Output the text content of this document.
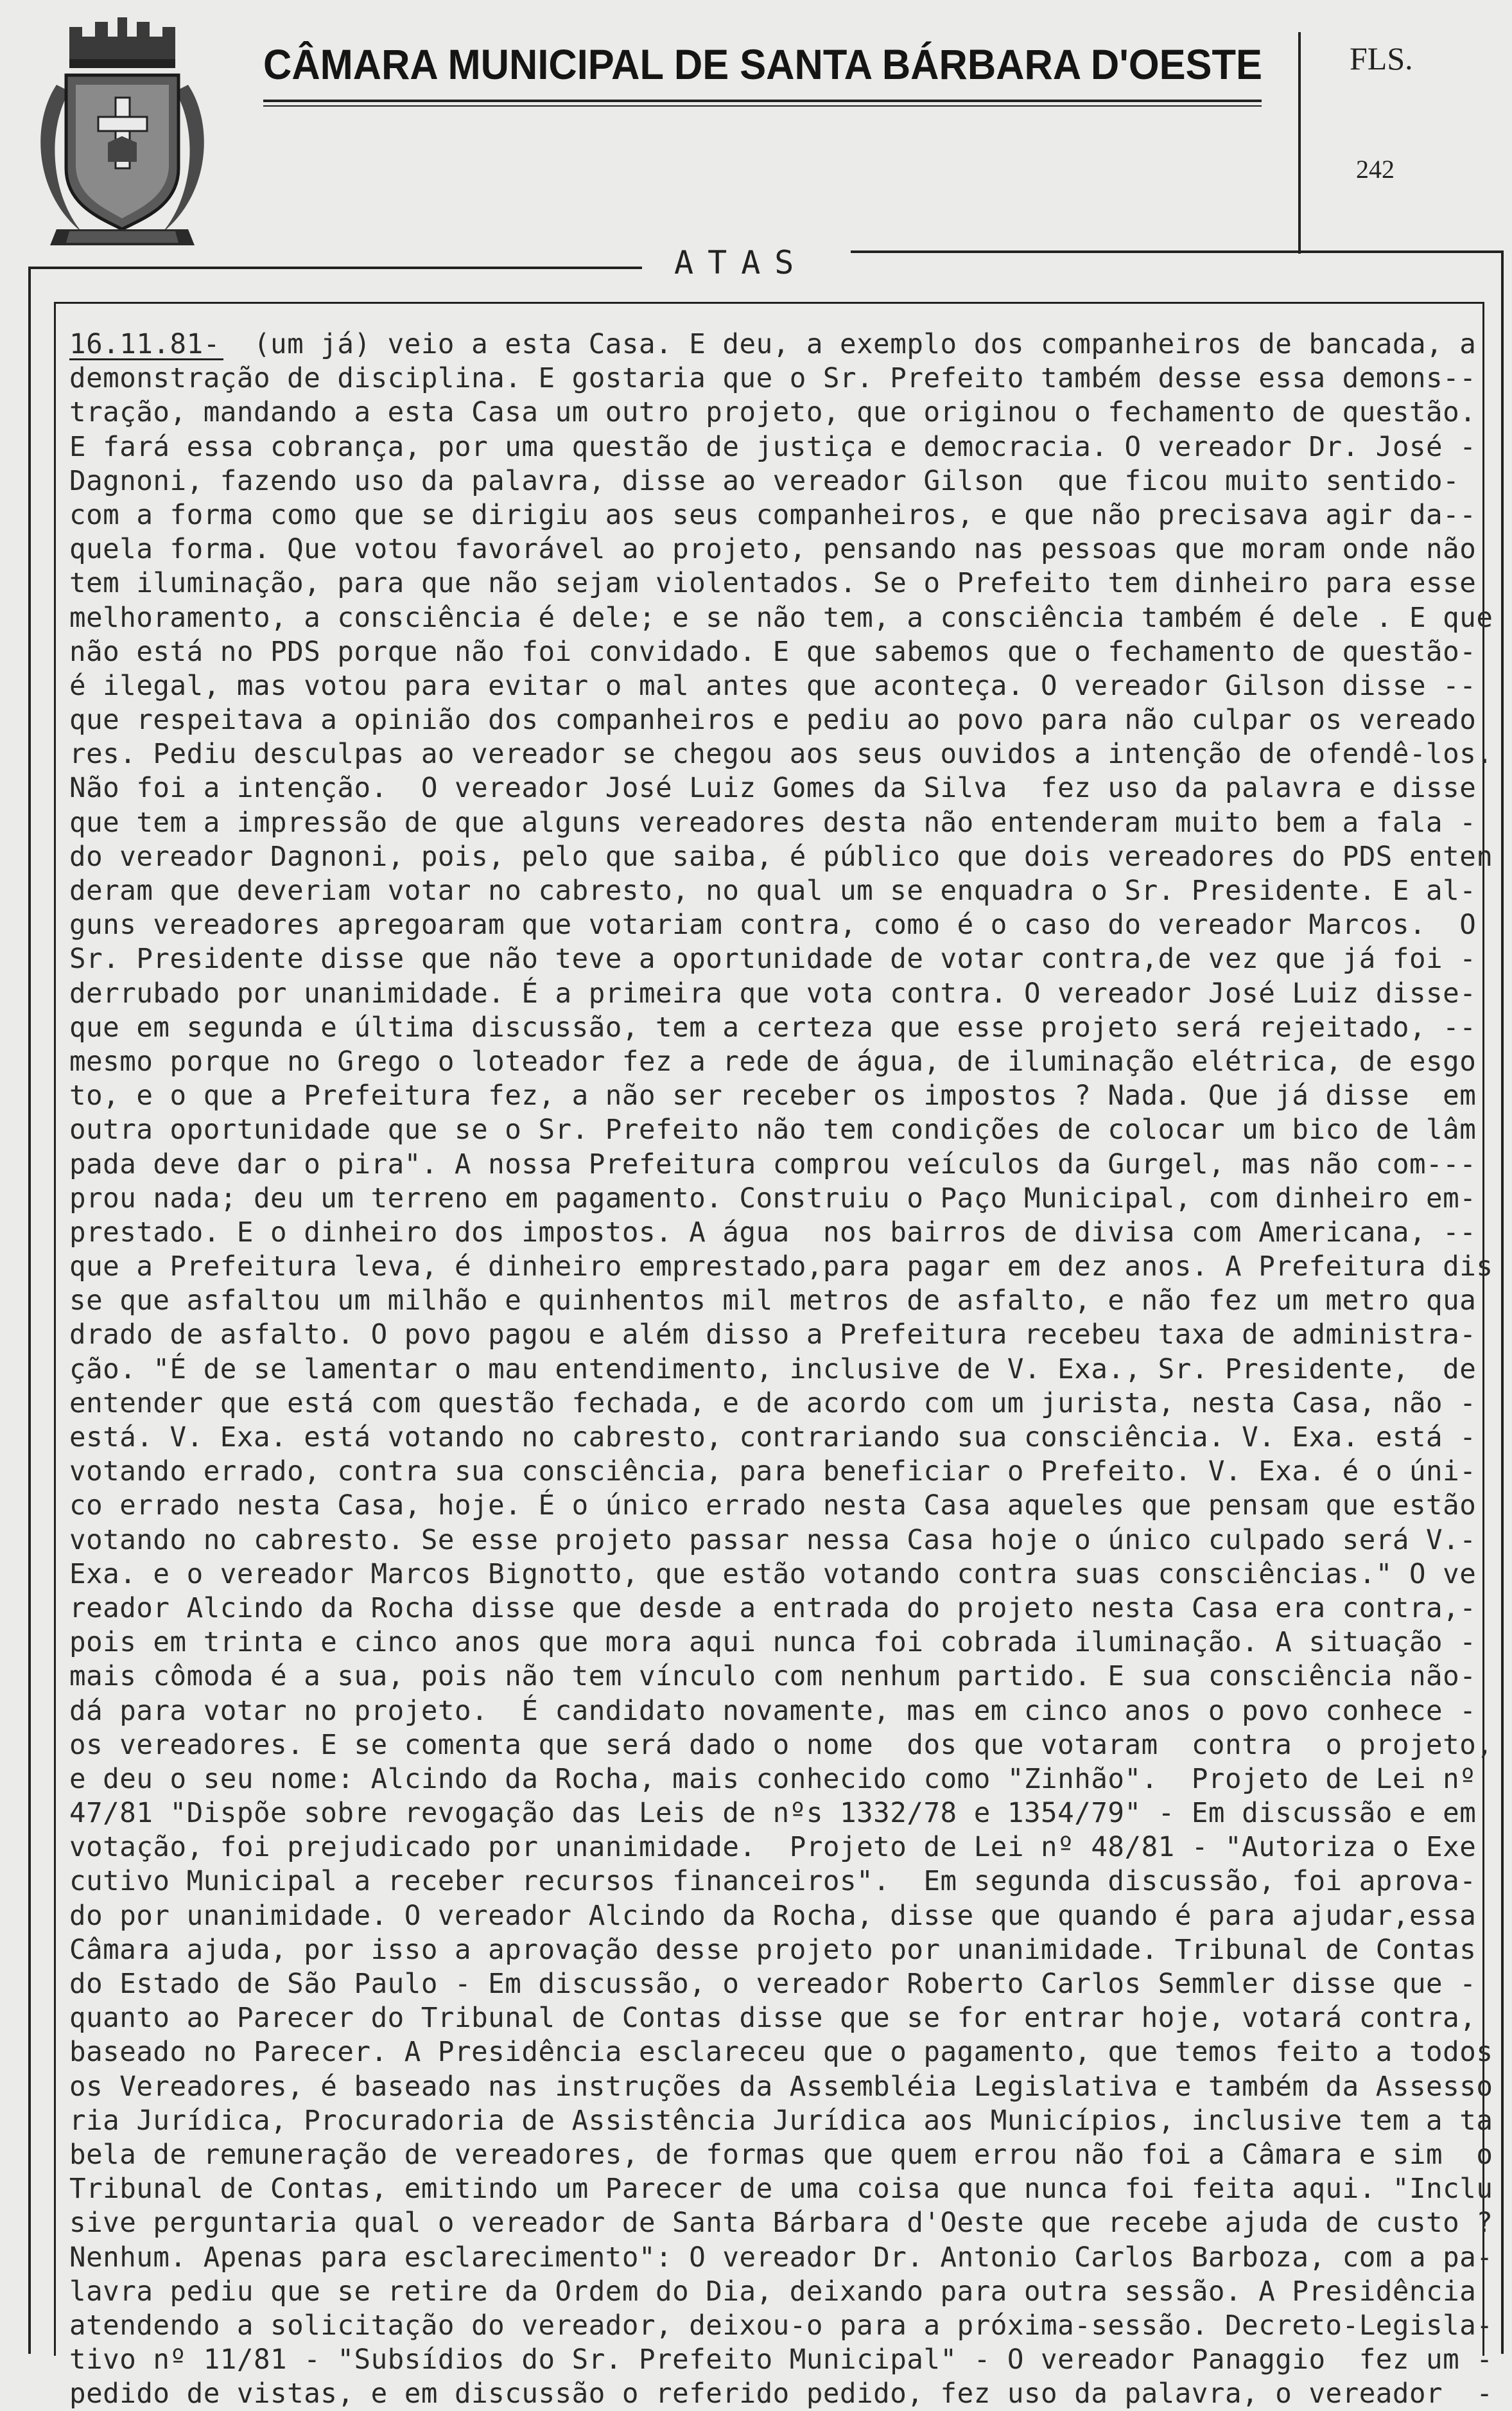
CÂMARA MUNICIPAL DE SANTA BÁRBARA D'OESTE	FLS.
242
ATAS
16.11.81-  (um já) veio a esta Casa. E deu, a exemplo dos companheiros de bancada, a
demonstração de disciplina. E gostaria que o Sr. Prefeito também desse essa demons--
tração, mandando a esta Casa um outro projeto, que originou o fechamento de questão.
E fará essa cobrança, por uma questão de justiça e democracia. O vereador Dr. José -
Dagnoni, fazendo uso da palavra, disse ao vereador Gilson  que ficou muito sentido-
com a forma como que se dirigiu aos seus companheiros, e que não precisava agir da--
quela forma. Que votou favorável ao projeto, pensando nas pessoas que moram onde não
tem iluminação, para que não sejam violentados. Se o Prefeito tem dinheiro para esse
melhoramento, a consciência é dele; e se não tem, a consciência também é dele . E que
não está no PDS porque não foi convidado. E que sabemos que o fechamento de questão-
é ilegal, mas votou para evitar o mal antes que aconteça. O vereador Gilson disse --
que respeitava a opinião dos companheiros e pediu ao povo para não culpar os vereado
res. Pediu desculpas ao vereador se chegou aos seus ouvidos a intenção de ofendê-los.
Não foi a intenção.  O vereador José Luiz Gomes da Silva  fez uso da palavra e disse
que tem a impressão de que alguns vereadores desta não entenderam muito bem a fala -
do vereador Dagnoni, pois, pelo que saiba, é público que dois vereadores do PDS enten
deram que deveriam votar no cabresto, no qual um se enquadra o Sr. Presidente. E al-
guns vereadores apregoaram que votariam contra, como é o caso do vereador Marcos.  O
Sr. Presidente disse que não teve a oportunidade de votar contra,de vez que já foi -
derrubado por unanimidade. É a primeira que vota contra. O vereador José Luiz disse-
que em segunda e última discussão, tem a certeza que esse projeto será rejeitado, --
mesmo porque no Grego o loteador fez a rede de água, de iluminação elétrica, de esgo
to, e o que a Prefeitura fez, a não ser receber os impostos ? Nada. Que já disse  em
outra oportunidade que se o Sr. Prefeito não tem condições de colocar um bico de lâm
pada deve dar o pira". A nossa Prefeitura comprou veículos da Gurgel, mas não com---
prou nada; deu um terreno em pagamento. Construiu o Paço Municipal, com dinheiro em-
prestado. E o dinheiro dos impostos. A água  nos bairros de divisa com Americana, --
que a Prefeitura leva, é dinheiro emprestado,para pagar em dez anos. A Prefeitura dis
se que asfaltou um milhão e quinhentos mil metros de asfalto, e não fez um metro qua
drado de asfalto. O povo pagou e além disso a Prefeitura recebeu taxa de administra-
ção. "É de se lamentar o mau entendimento, inclusive de V. Exa., Sr. Presidente,  de
entender que está com questão fechada, e de acordo com um jurista, nesta Casa, não -
está. V. Exa. está votando no cabresto, contrariando sua consciência. V. Exa. está -
votando errado, contra sua consciência, para beneficiar o Prefeito. V. Exa. é o úni-
co errado nesta Casa, hoje. É o único errado nesta Casa aqueles que pensam que estão
votando no cabresto. Se esse projeto passar nessa Casa hoje o único culpado será V.-
Exa. e o vereador Marcos Bignotto, que estão votando contra suas consciências." O ve
reador Alcindo da Rocha disse que desde a entrada do projeto nesta Casa era contra,-
pois em trinta e cinco anos que mora aqui nunca foi cobrada iluminação. A situação -
mais cômoda é a sua, pois não tem vínculo com nenhum partido. E sua consciência não-
dá para votar no projeto.  É candidato novamente, mas em cinco anos o povo conhece -
os vereadores. E se comenta que será dado o nome  dos que votaram  contra  o projeto,
e deu o seu nome: Alcindo da Rocha, mais conhecido como "Zinhão".  Projeto de Lei nº
47/81 "Dispõe sobre revogação das Leis de nºs 1332/78 e 1354/79" - Em discussão e em
votação, foi prejudicado por unanimidade.  Projeto de Lei nº 48/81 - "Autoriza o Exe
cutivo Municipal a receber recursos financeiros".  Em segunda discussão, foi aprova-
do por unanimidade. O vereador Alcindo da Rocha, disse que quando é para ajudar,essa
Câmara ajuda, por isso a aprovação desse projeto por unanimidade. Tribunal de Contas
do Estado de São Paulo - Em discussão, o vereador Roberto Carlos Semmler disse que -
quanto ao Parecer do Tribunal de Contas disse que se for entrar hoje, votará contra,
baseado no Parecer. A Presidência esclareceu que o pagamento, que temos feito a todos
os Vereadores, é baseado nas instruções da Assembléia Legislativa e também da Assesso
ria Jurídica, Procuradoria de Assistência Jurídica aos Municípios, inclusive tem a ta
bela de remuneração de vereadores, de formas que quem errou não foi a Câmara e sim  o
Tribunal de Contas, emitindo um Parecer de uma coisa que nunca foi feita aqui. "Inclu
sive perguntaria qual o vereador de Santa Bárbara d'Oeste que recebe ajuda de custo ?
Nenhum. Apenas para esclarecimento": O vereador Dr. Antonio Carlos Barboza, com a pa-
lavra pediu que se retire da Ordem do Dia, deixando para outra sessão. A Presidência
atendendo a solicitação do vereador, deixou-o para a próxima-sessão. Decreto-Legisla-
tivo nº 11/81 - "Subsídios do Sr. Prefeito Municipal" - O vereador Panaggio  fez um -
pedido de vistas, e em discussão o referido pedido, fez uso da palavra, o vereador  -
